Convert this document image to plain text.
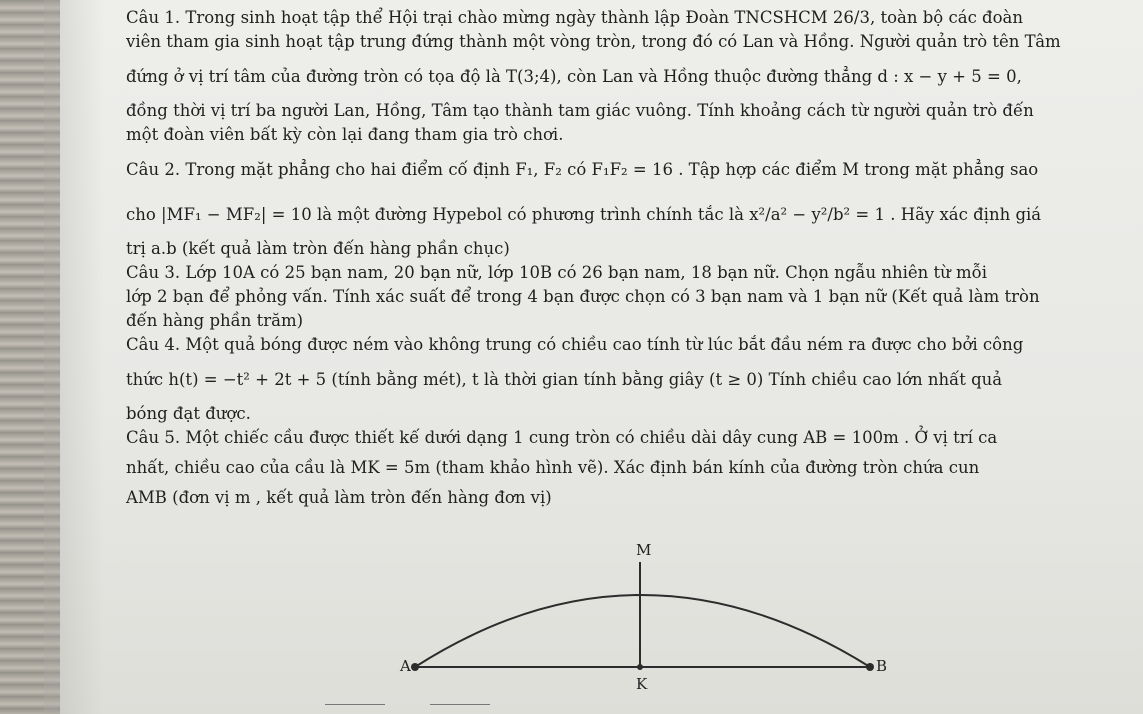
Câu 1. Trong sinh hoạt tập thể Hội trại chào mừng ngày thành lập Đoàn TNCSHCM 26/3, toàn bộ các đoàn
viên tham gia sinh hoạt tập trung đứng thành một vòng tròn, trong đó có Lan và Hồng. Người quản trò tên Tâm
đứng ở vị trí tâm của đường tròn có tọa độ là T(3;4), còn Lan và Hồng thuộc đường thẳng d : x − y + 5 = 0,
đồng thời vị trí ba người Lan, Hồng, Tâm tạo thành tam giác vuông. Tính khoảng cách từ người quản trò đến
một đoàn viên bất kỳ còn lại đang tham gia trò chơi.
Câu 2. Trong mặt phẳng cho hai điểm cố định F₁, F₂ có F₁F₂ = 16 . Tập hợp các điểm M trong mặt phẳng sao
cho |MF₁ − MF₂| = 10 là một đường Hypebol có phương trình chính tắc là x²/a² − y²/b² = 1 . Hãy xác định giá
trị a.b (kết quả làm tròn đến hàng phần chục)
Câu 3. Lớp 10A có 25 bạn nam, 20 bạn nữ, lớp 10B có 26 bạn nam, 18 bạn nữ. Chọn ngẫu nhiên từ mỗi
lớp 2 bạn để phỏng vấn. Tính xác suất để trong 4 bạn được chọn có 3 bạn nam và 1 bạn nữ (Kết quả làm tròn
đến hàng phần trăm)
Câu 4. Một quả bóng được ném vào không trung có chiều cao tính từ lúc bắt đầu ném ra được cho bởi công
thức h(t) = −t² + 2t + 5 (tính bằng mét), t là thời gian tính bằng giây (t ≥ 0) Tính chiều cao lớn nhất quả
bóng đạt được.
Câu 5. Một chiếc cầu được thiết kế dưới dạng 1 cung tròn có chiều dài dây cung AB = 100m . Ở vị trí ca
nhất, chiều cao của cầu là MK = 5m (tham khảo hình vẽ). Xác định bán kính của đường tròn chứa cun
AMB (đơn vị m , kết quả làm tròn đến hàng đơn vị)
M
A	B
K
